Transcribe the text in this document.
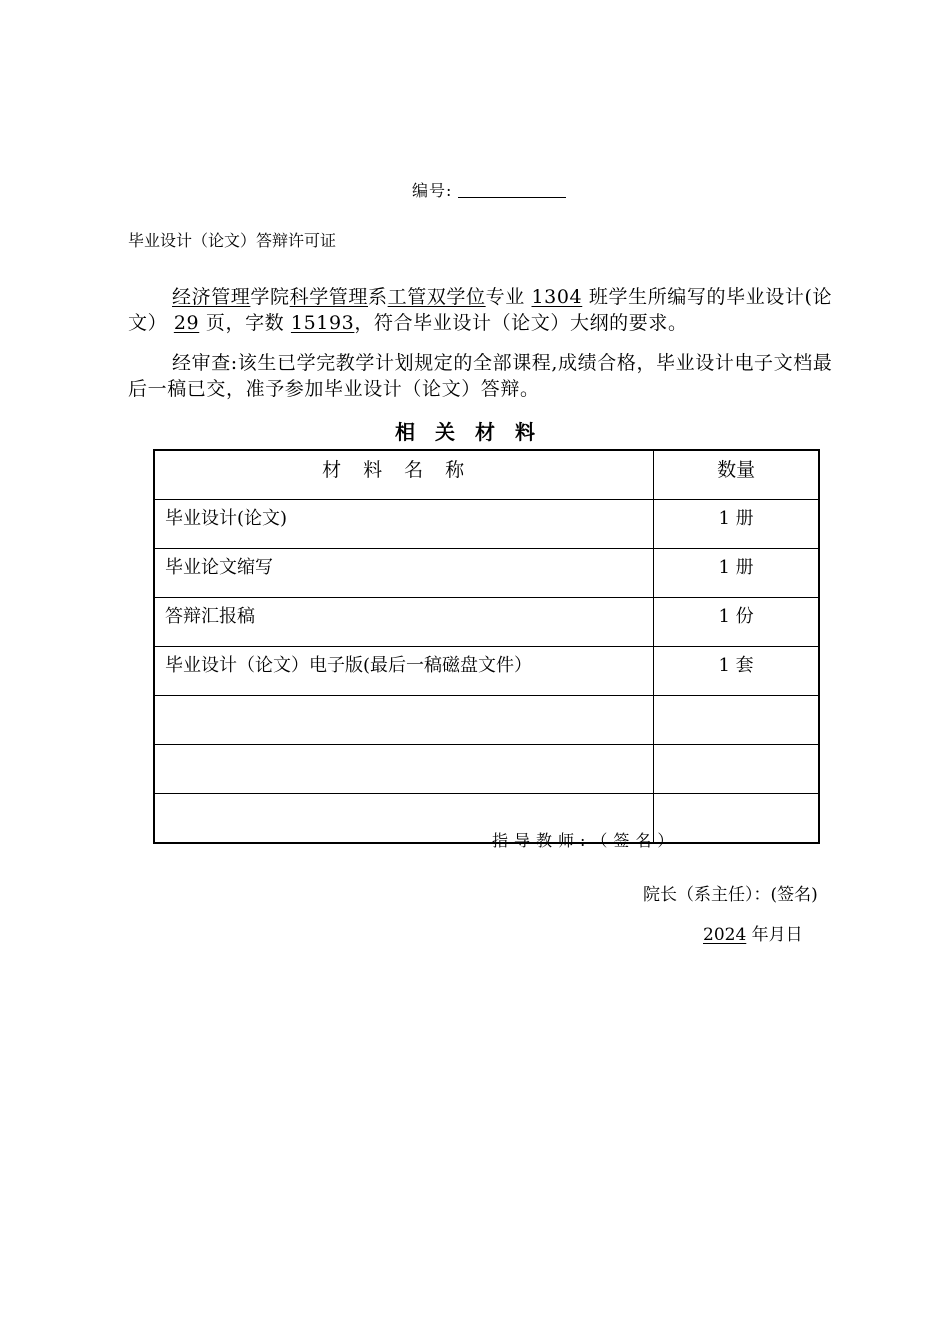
编号:
毕业设计（论文）答辩许可证
经济管理学院科学管理系工管双学位专业 1304 班学生所编写的毕业设计(论文） 29 页，字数 15193，符合毕业设计（论文）大纲的要求。
经审查:该生已学完教学计划规定的全部课程,成绩合格，毕业设计电子文档最后一稿已交，准予参加毕业设计（论文）答辩。
相关材料
材料名称	数量
毕业设计(论文)	1 册
毕业论文缩写	1 册
答辩汇报稿	1 份
毕业设计（论文）电子版(最后一稿磁盘文件）	1 套

指导教师:（签名）
院长（系主任）：(签名)
2024 年月日
